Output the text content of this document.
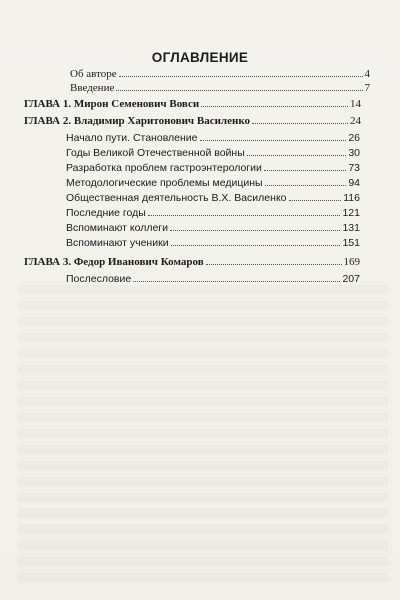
ОГЛАВЛЕНИЕ
Об авторе	4
Введение	7
ГЛАВА 1. Мирон Семенович Вовси	14
ГЛАВА 2. Владимир Харитонович Василенко	24
Начало пути. Становление	26
Годы Великой Отечественной войны	30
Разработка проблем гастроэнтерологии	73
Методологические проблемы медицины	94
Общественная деятельность В.Х. Василенко	116
Последние годы	121
Вспоминают коллеги	131
Вспоминают ученики	151
ГЛАВА 3. Федор Иванович Комаров	169
Послесловие	207
